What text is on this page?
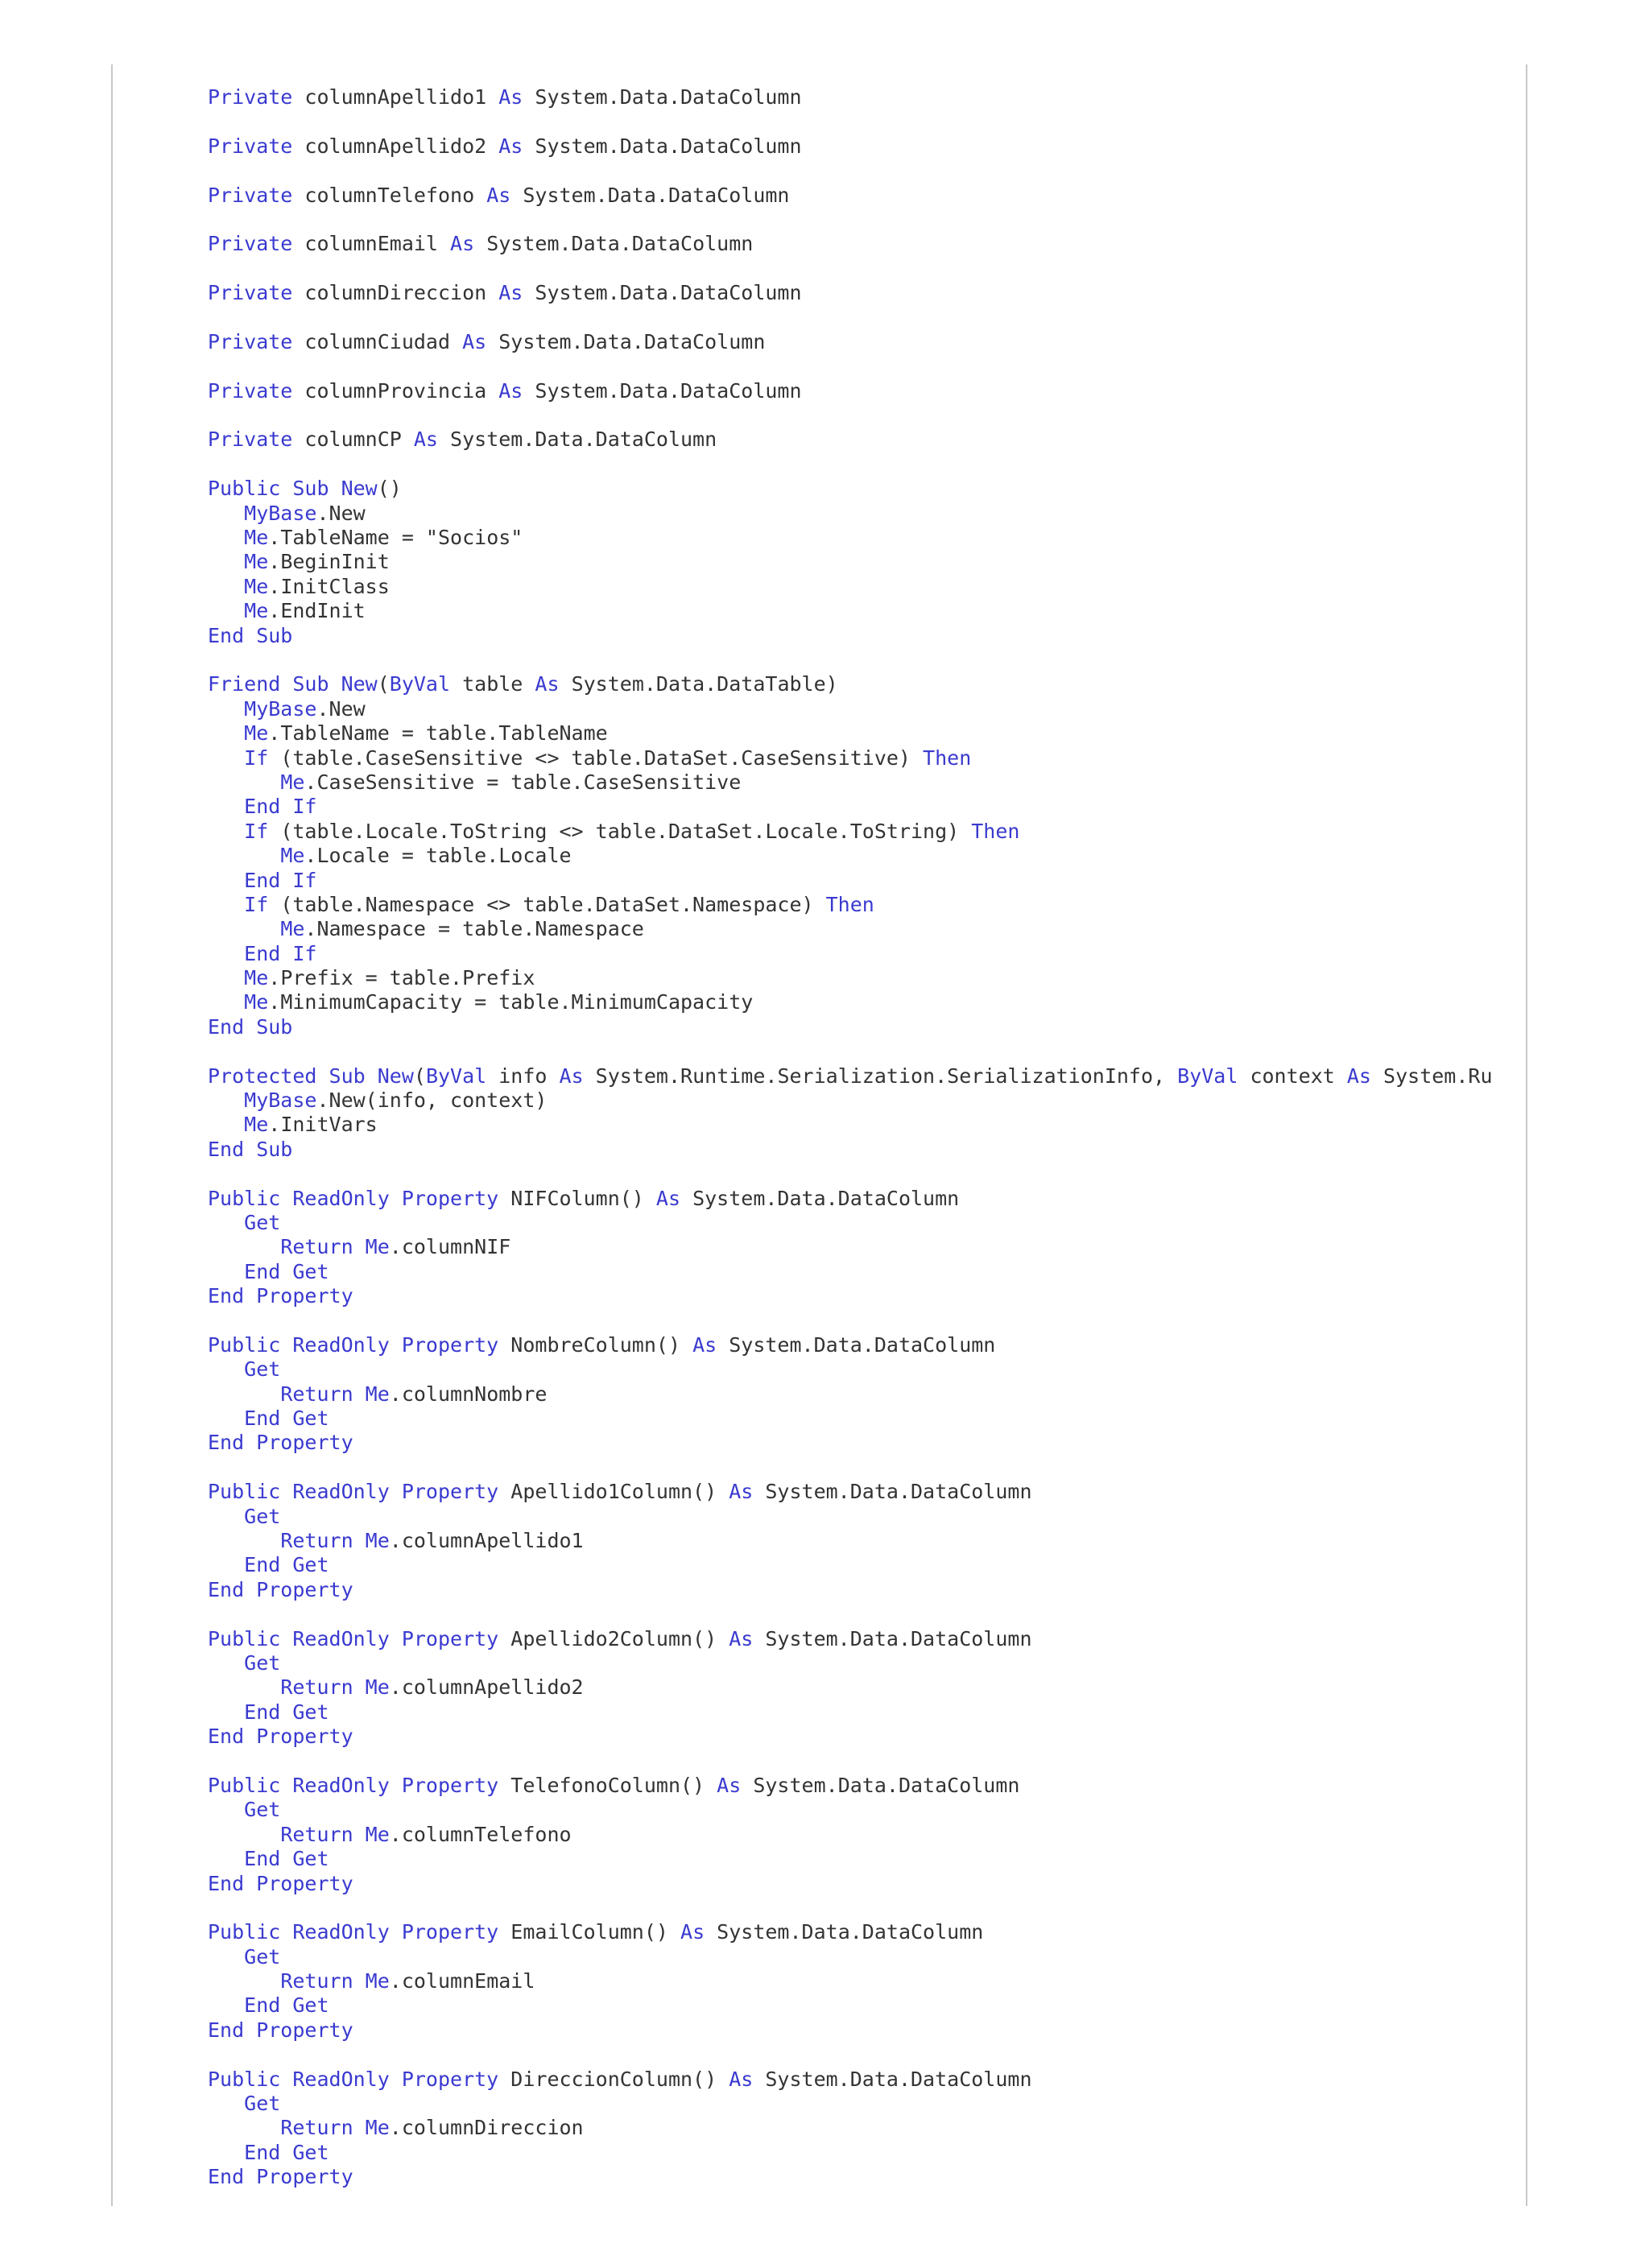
Private columnApellido1 As System.Data.DataColumn

Private columnApellido2 As System.Data.DataColumn

Private columnTelefono As System.Data.DataColumn

Private columnEmail As System.Data.DataColumn

Private columnDireccion As System.Data.DataColumn

Private columnCiudad As System.Data.DataColumn

Private columnProvincia As System.Data.DataColumn

Private columnCP As System.Data.DataColumn

Public Sub New()
MyBase.New
Me.TableName = "Socios"
Me.BeginInit
Me.InitClass
Me.EndInit
End Sub

Friend Sub New(ByVal table As System.Data.DataTable)
MyBase.New
Me.TableName = table.TableName
If (table.CaseSensitive <> table.DataSet.CaseSensitive) Then
Me.CaseSensitive = table.CaseSensitive
End If
If (table.Locale.ToString <> table.DataSet.Locale.ToString) Then
Me.Locale = table.Locale
End If
If (table.Namespace <> table.DataSet.Namespace) Then
Me.Namespace = table.Namespace
End If
Me.Prefix = table.Prefix
Me.MinimumCapacity = table.MinimumCapacity
End Sub

Protected Sub New(ByVal info As System.Runtime.Serialization.SerializationInfo, ByVal context As System.Ru
MyBase.New(info, context)
Me.InitVars
End Sub

Public ReadOnly Property NIFColumn() As System.Data.DataColumn
Get
Return Me.columnNIF
End Get
End Property

Public ReadOnly Property NombreColumn() As System.Data.DataColumn
Get
Return Me.columnNombre
End Get
End Property

Public ReadOnly Property Apellido1Column() As System.Data.DataColumn
Get
Return Me.columnApellido1
End Get
End Property

Public ReadOnly Property Apellido2Column() As System.Data.DataColumn
Get
Return Me.columnApellido2
End Get
End Property

Public ReadOnly Property TelefonoColumn() As System.Data.DataColumn
Get
Return Me.columnTelefono
End Get
End Property

Public ReadOnly Property EmailColumn() As System.Data.DataColumn
Get
Return Me.columnEmail
End Get
End Property

Public ReadOnly Property DireccionColumn() As System.Data.DataColumn
Get
Return Me.columnDireccion
End Get
End Property
